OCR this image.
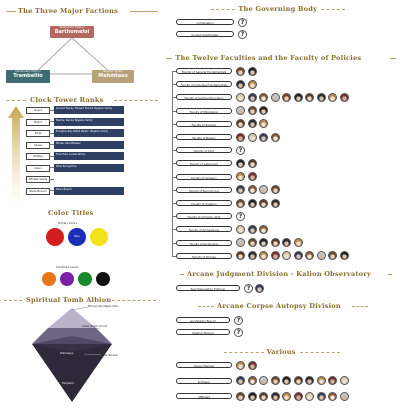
The Three Major Factions
Aristocratic Faction
Barthomeloi
Democratic Faction
Trambellio
Neutral Faction
Mehmtasu
Clock Tower Ranks
Grand
Ancient Family: Stewart Pendra Talgalon family
Brand
Marble: Pendra Talgalon family
Pride
Exceptionally Gifted Mystic: Talgalon family
Cause
Stroke, Zero-Breaker
Feather
Fine Child, Lorelei family
Open
Wide Recognition
Wildest Seeds
Naive Branch
Naive Branch
Color Titles
Primary Colors
Blue
Combined Colors
Spiritual Tomb Albion
Mining City Magi's Fula
Great Magic Circuit
Holloways
Outer Terrace
Fairyland
The Governing Body
Combination	?
Ancient Headmaster	?
The Twelve Faculties and the Faculty of Policies
Faculty of General Fundamentals
Faculty of Individual Fundamentals
Faculty of Spiritual Evocation
Faculty of Mineralogy
Faculty of Zoology
Faculty of Botany
Faculty of Core	?
Faculty of Astronomy
Faculty of Alchemy
Faculty of Summoning
Faculty of Creation
Faculty of Alchemy (Old)	?
Faculty of Archaeology
Faculty of Archeology
Faculty of Policies
Arcane Judgment Division - Kalion Observatory
Seal Designation Enforcer	?
Arcane Corpse Autopsy Division
Annihilation Branch	?
Relation Branch	?
Various
Citizen Member
Professor
Affiliated
